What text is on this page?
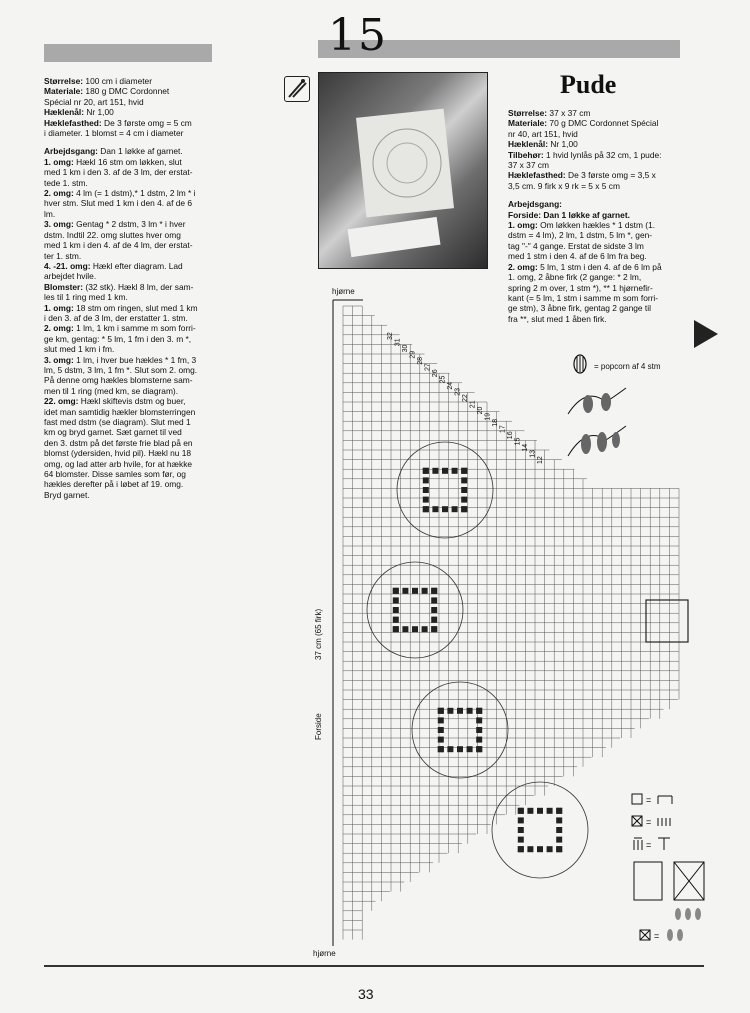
15

Størrelse: 100 cm i diameter

Materiale: 180 g DMC Cordonnet

Spécial nr 20, art 151, hvid

Hæklenål: Nr 1,00

Hæklefasthed: De 3 første omg = 5 cm

i diameter. 1 blomst = 4 cm i diameter

Arbejdsgang: Dan 1 løkke af garnet.

1. omg: Hækl 16 stm om løkken, slut

med 1 km i den 3. af de 3 lm, der erstat-

tede 1. stm.

2. omg: 4 lm (= 1 dstm),* 1 dstm, 2 lm * i

hver stm. Slut med 1 km i den 4. af de 6

lm.

3. omg: Gentag * 2 dstm, 3 lm * i hver

dstm. Indtil 22. omg sluttes hver omg

med 1 km i den 4. af de 4 lm, der erstat-

ter 1. stm.

4. -21. omg: Hækl efter diagram. Lad

arbejdet hvile.

Blomster: (32 stk). Hækl 8 lm, der sam-

les til 1 ring med 1 km.

1. omg: 18 stm om ringen, slut med 1 km

i den 3. af de 3 lm, der erstatter 1. stm.

2. omg: 1 lm, 1 km i samme m som forri-

ge km, gentag: * 5 lm, 1 fm i den 3. m *,

slut med 1 km i fm.

3. omg: 1 lm, i hver bue hækles * 1 fm, 3

lm, 5 dstm, 3 lm, 1 fm *. Slut som 2. omg.

På denne omg hækles blomsterne sam-

men til 1 ring (med km, se diagram).

22. omg: Hækl skiftevis dstm og buer,

idet man samtidig hækler blomsterringen

fast med dstm (se diagram). Slut med 1

km og bryd garnet. Sæt garnet til ved

den 3. dstm på det første frie blad på en

blomst (ydersiden, hvid pil). Hækl nu 18

omg, og lad atter arb hvile, for at hække

64 blomster. Disse samles som før, og

hækles derefter på i løbet af 19. omg.

Bryd garnet.

Pude

Størrelse: 37 x 37 cm

Materiale: 70 g DMC Cordonnet Spécial

nr 40, art 151, hvid

Hæklenål: Nr 1,00

Tilbehør: 1 hvid lynlås på 32 cm, 1 pude:

37 x 37 cm

Hæklefasthed: De 3 første omg = 3,5 x

3,5 cm. 9 firk x 9 rk = 5 x 5 cm

Arbejdsgang:

Forside: Dan 1 løkke af garnet.

1. omg: Om løkken hækles * 1 dstm (1.

dstm = 4 lm), 2 lm, 1 dstm, 5 lm *, gen-

tag "-" 4 gange. Erstat de sidste 3 lm

med 1 stm i den 4. af de 6 lm fra beg.

2. omg: 5 lm, 1 stm i den 4. af de 6 lm på

1. omg, 2 åbne firk (2 gange: * 2 lm,

spring 2 m over, 1 stm *), ** 1 hjørnefir-

kant (= 5 lm, 1 stm i samme m som forri-

ge stm), 3 åbne firk, gentag 2 gange til

fra **, slut med 1 åben firk.

= popcorn af 4 stm
32
31
30
29
28
27
26
25
24
23
22
21
20
19
18
17
16
15
14
13
12
hjørne
hjørne
37 cm (65 firk)
Forside
=
=
=
=
33
